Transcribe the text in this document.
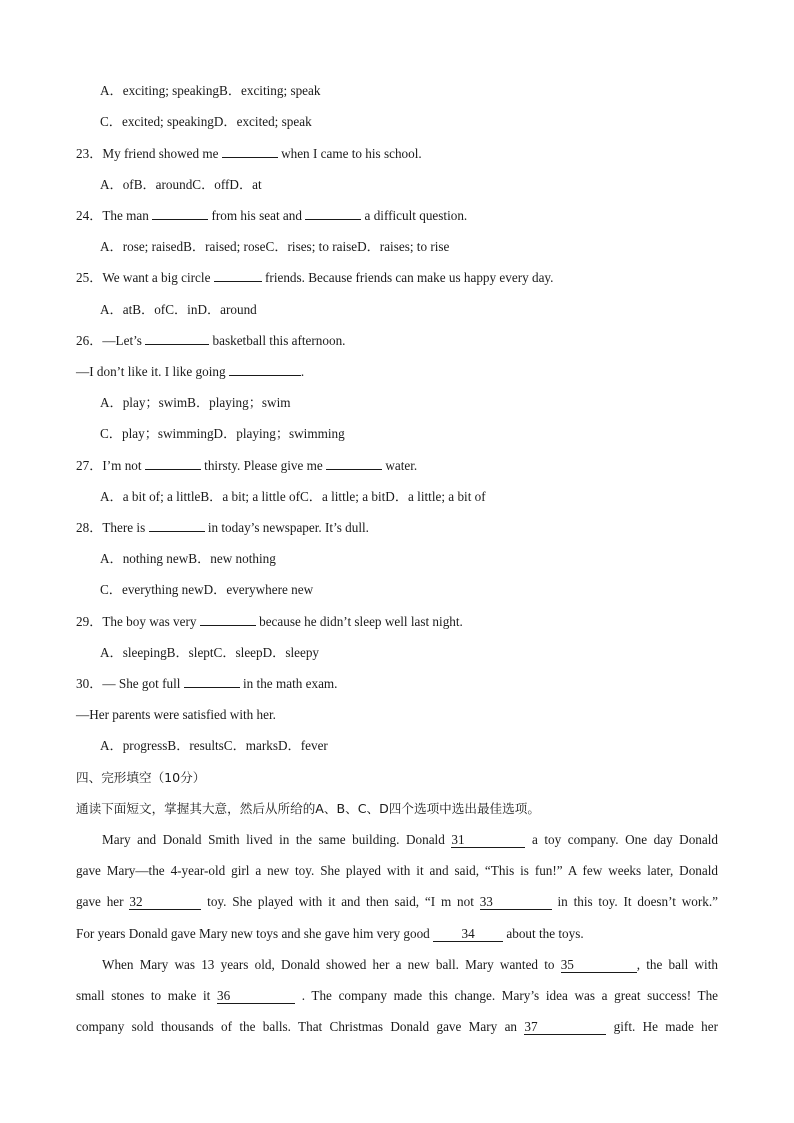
A．exciting; speakingB．exciting; speak
C．excited; speakingD．excited; speak
23．My friend showed me	when I came to his school.
A．ofB．aroundC．offD．at
24．The man	from his seat and	a difficult question.
A．rose; raisedB．raised; roseC．rises; to raiseD．raises; to rise
25．We want a big circle	friends. Because friends can make us happy every day.
A．atB．ofC．inD．around
26．—Let’s	basketball this afternoon.
—I don’t like it. I like going	.
A．play；swimB．playing；swim
C．play；swimmingD．playing；swimming
27．I’m not	thirsty. Please give me	water.
A．a bit of; a littleB．a bit; a little ofC．a little; a bitD．a little; a bit of
28．There is	in today’s newspaper. It’s dull.
A．nothing newB．new nothing
C．everything newD．everywhere new
29．The boy was very	because he didn’t sleep well last night.
A．sleepingB．sleptC．sleepD．sleepy
30．— She got full	in the math exam.
—Her parents were satisfied with her.
A．progressB．resultsC．marksD．fever
四、完形填空（10分）
通读下面短文，掌握其大意，然后从所给的A、B、C、D四个选项中选出最佳选项。
Mary and Donald Smith lived in the same building. Donald 31	a toy company. One day Donald
gave Mary—the 4-year-old girl a new toy. She played with it and said, “This is fun!” A few weeks later, Donald
gave her 32	toy. She played with it and then said, “I m not 33	in this toy. It doesn’t work.”
For years Donald gave Mary new toys and she gave him very good 34 about the toys.
When Mary was 13 years old, Donald showed her a new ball. Mary wanted to 35	, the ball with
small stones to make it 36	. The company made this change. Mary’s idea was a great success! The
company sold thousands of the balls. That Christmas Donald gave Mary an 37	gift. He made her
